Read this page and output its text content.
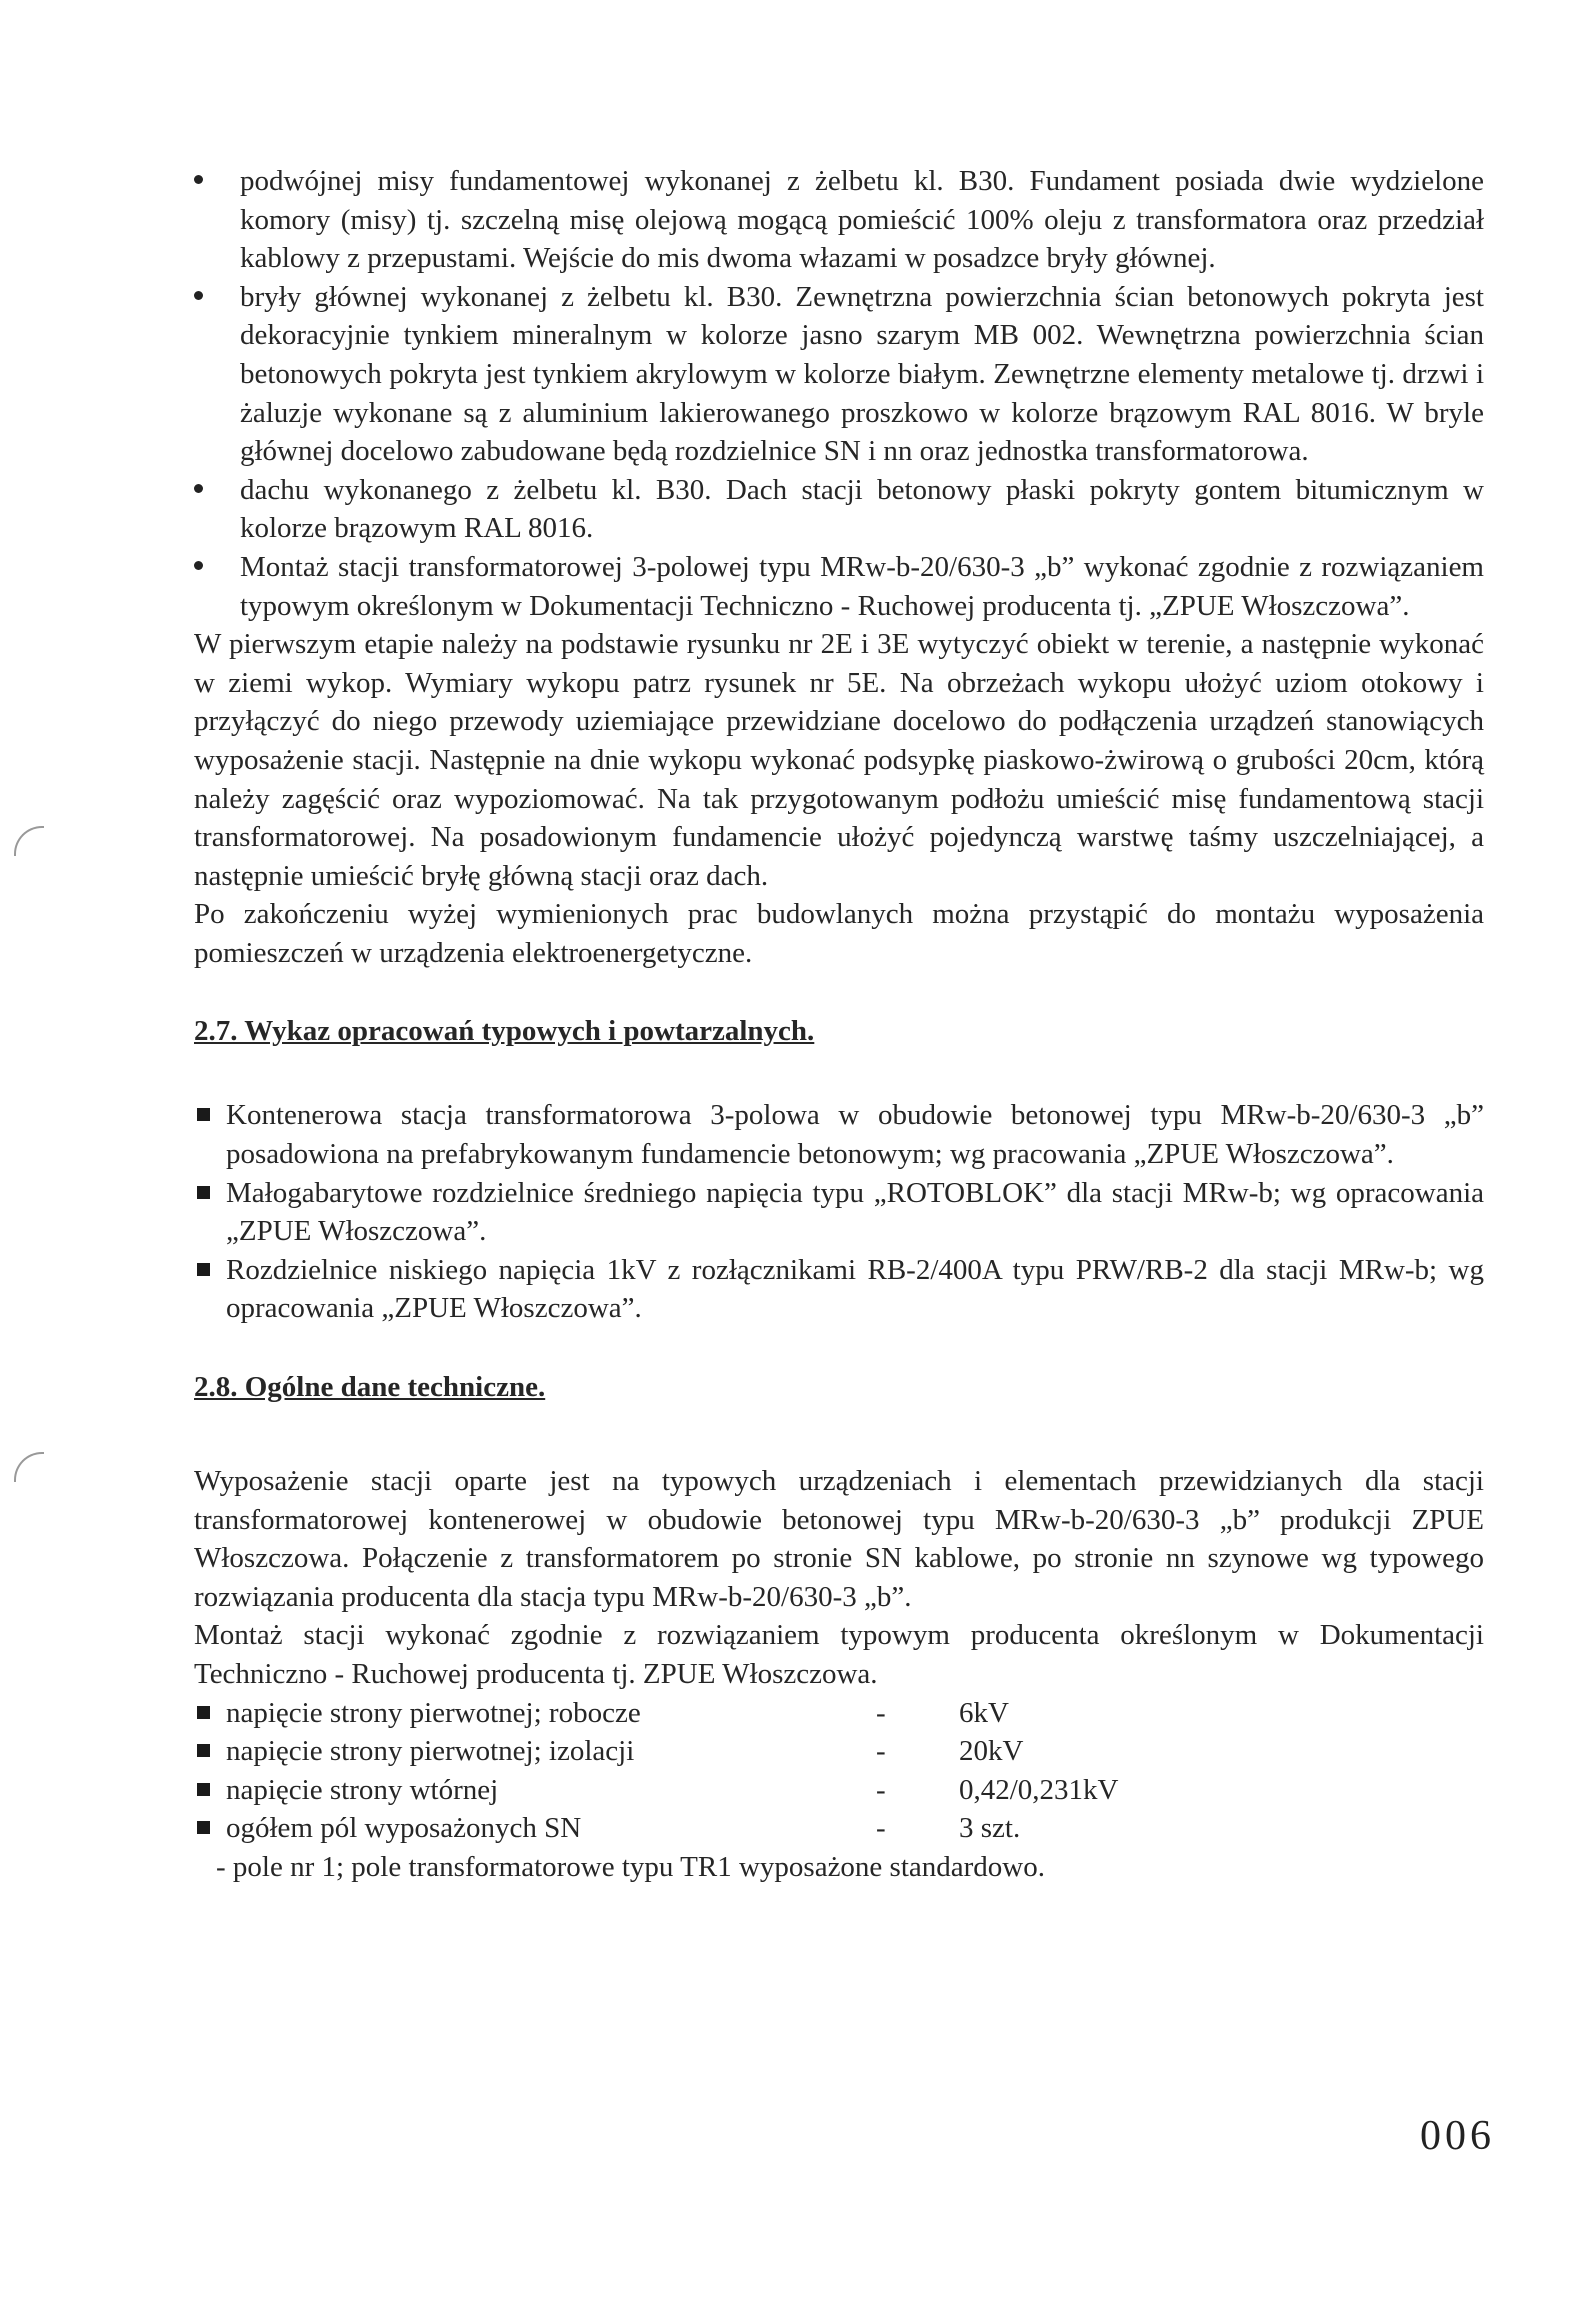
podwójnej misy fundamentowej wykonanej z żelbetu kl. B30. Fundament posiada dwie wydzielone komory (misy) tj. szczelną misę olejową mogącą pomieścić 100% oleju z transformatora oraz przedział kablowy z przepustami. Wejście do mis dwoma włazami w posadzce bryły głównej.
bryły głównej wykonanej z żelbetu kl. B30. Zewnętrzna powierzchnia ścian betonowych pokryta jest dekoracyjnie tynkiem mineralnym w kolorze jasno szarym MB 002. Wewnętrzna powierzchnia ścian betonowych pokryta jest tynkiem akrylowym w kolorze białym. Zewnętrzne elementy metalowe tj. drzwi i żaluzje wykonane są z aluminium lakierowanego proszkowo w kolorze brązowym RAL 8016. W bryle głównej docelowo zabudowane będą rozdzielnice SN i nn oraz jednostka transformatorowa.
dachu wykonanego z żelbetu kl. B30. Dach stacji betonowy płaski pokryty gontem bitumicznym w kolorze brązowym RAL 8016.
Montaż stacji transformatorowej 3-polowej typu MRw-b-20/630-3 „b” wykonać zgodnie z rozwiązaniem typowym określonym w Dokumentacji Techniczno - Ruchowej producenta tj. „ZPUE Włoszczowa”.

W pierwszym etapie należy na podstawie rysunku nr 2E i 3E wytyczyć obiekt w terenie, a następnie wykonać w ziemi wykop. Wymiary wykopu patrz rysunek nr 5E. Na obrzeżach wykopu ułożyć uziom otokowy i przyłączyć do niego przewody uziemiające przewidziane docelowo do podłączenia urządzeń stanowiących wyposażenie stacji. Następnie na dnie wykopu wykonać podsypkę piaskowo-żwirową o grubości 20cm, którą należy zagęścić oraz wypoziomować. Na tak przygotowanym podłożu umieścić misę fundamentową stacji transformatorowej. Na posadowionym fundamencie ułożyć pojedynczą warstwę taśmy uszczelniającej, a następnie umieścić bryłę główną stacji oraz dach.

Po zakończeniu wyżej wymienionych prac budowlanych można przystąpić do montażu wyposażenia pomieszczeń w urządzenia elektroenergetyczne.

2.7. Wykaz opracowań typowych i powtarzalnych.
Kontenerowa stacja transformatorowa 3-polowa w obudowie betonowej typu MRw-b-20/630-3 „b” posadowiona na prefabrykowanym fundamencie betonowym; wg pracowania „ZPUE Włoszczowa”.
Małogabarytowe rozdzielnice średniego napięcia typu „ROTOBLOK” dla stacji MRw-b; wg opracowania „ZPUE Włoszczowa”.
Rozdzielnice niskiego napięcia 1kV z rozłącznikami RB-2/400A typu PRW/RB-2 dla stacji MRw-b; wg opracowania „ZPUE Włoszczowa”.
2.8. Ogólne dane techniczne.

Wyposażenie stacji oparte jest na typowych urządzeniach i elementach przewidzianych dla stacji transformatorowej kontenerowej w obudowie betonowej typu MRw-b-20/630-3 „b” produkcji ZPUE Włoszczowa. Połączenie z transformatorem po stronie SN kablowe, po stronie nn szynowe wg typowego rozwiązania producenta dla stacja typu MRw-b-20/630-3 „b”.

Montaż stacji wykonać zgodnie z rozwiązaniem typowym producenta określonym w Dokumentacji Techniczno - Ruchowej producenta tj. ZPUE Włoszczowa.

napięcie strony pierwotnej; robocze	-	6kV
napięcie strony pierwotnej; izolacji	-	20kV
napięcie strony wtórnej	-	0,42/0,231kV
ogółem pól wyposażonych SN	-	3 szt.

- pole nr 1; pole transformatorowe typu TR1 wyposażone standardowo.

006
